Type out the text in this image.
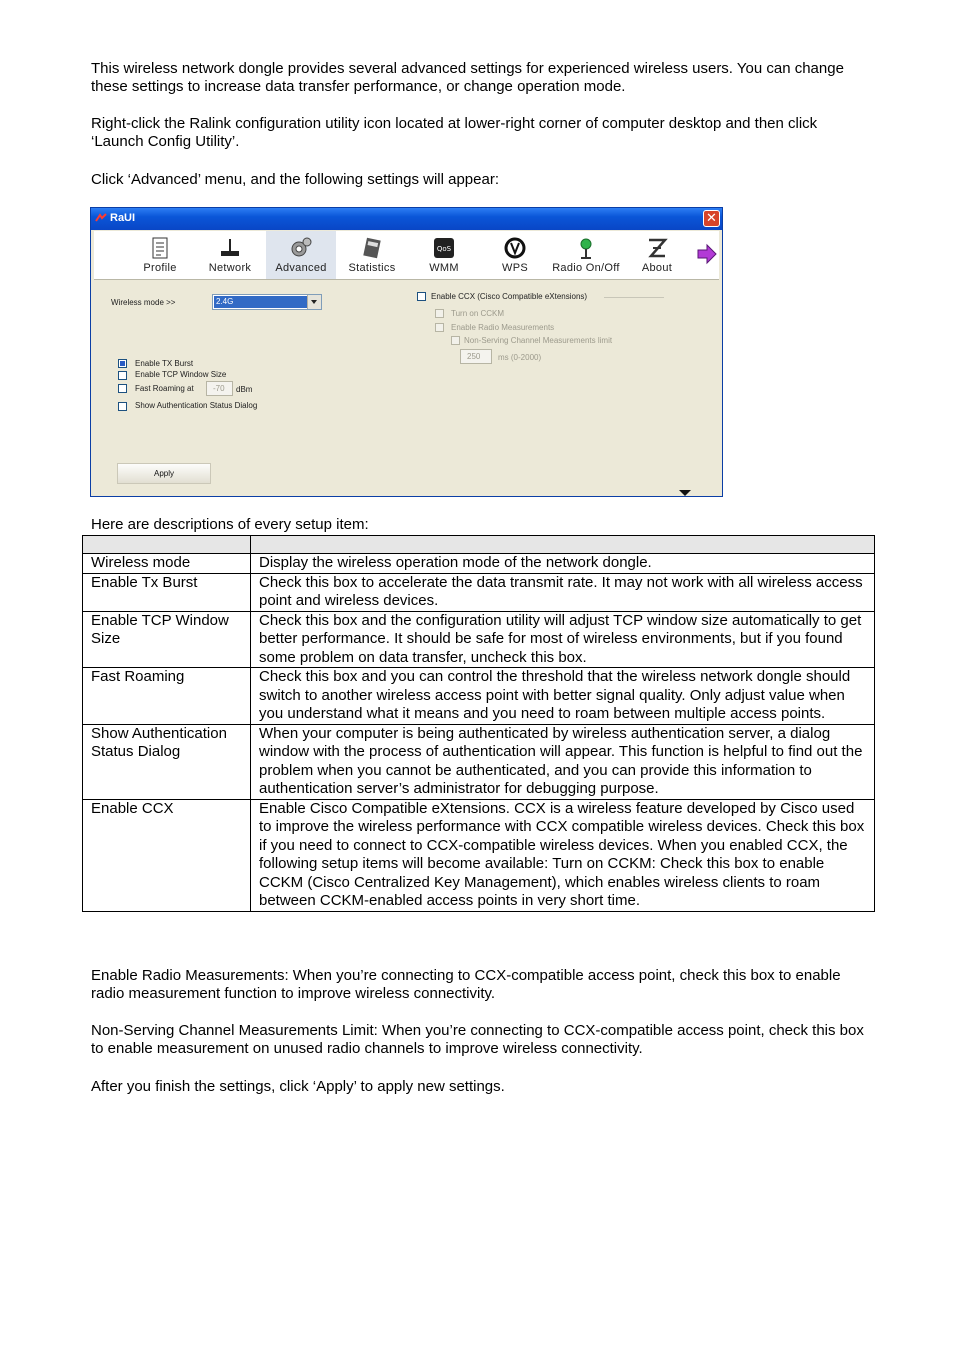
This wireless network dongle provides several advanced settings for experienced wireless users. You can change these settings to increase data transfer performance, or change operation mode.

Right-click the Ralink configuration utility icon located at lower-right corner of computer desktop and then click ‘Launch Config Utility’.

Click ‘Advanced’ menu, and the following settings will appear:

RaUI	✕
Profile	Network	Advanced	Statistics
QoS
WMM	WPS	Radio On/Off	About
Wireless mode >>	2.4G
Enable TX Burst
Enable TCP Window Size
Fast Roaming at	-70	dBm
Show Authentication Status Dialog
Enable CCX (Cisco Compatible eXtensions)
Turn on CCKM
Enable Radio Measurements
Non-Serving Channel Measurements limit
250	ms (0-2000)
Apply

Here are descriptions of every setup item:

Wireless mode	Display the wireless operation mode of the network dongle.
Enable Tx Burst	Check this box to accelerate the data transmit rate. It may not work with all wireless access point and wireless devices.
Enable TCP Window Size	Check this box and the configuration utility will adjust TCP window size automatically to get better performance. It should be safe for most of wireless environments, but if you found some problem on data transfer, uncheck this box.
Fast Roaming	Check this box and you can control the threshold that the wireless network dongle should switch to another wireless access point with better signal quality. Only adjust value when you understand what it means and you need to roam between multiple access points.
Show Authentication Status Dialog	When your computer is being authenticated by wireless authentication server, a dialog window with the process of authentication will appear. This function is helpful to find out the problem when you cannot be authenticated, and you can provide this information to authentication server’s administrator for debugging purpose.
Enable CCX	Enable Cisco Compatible eXtensions. CCX is a wireless feature developed by Cisco used to improve the wireless performance with CCX compatible wireless devices. Check this box if you need to connect to CCX-compatible wireless devices. When you enabled CCX, the following setup items will become available: Turn on CCKM: Check this box to enable CCKM (Cisco Centralized Key Management), which enables wireless clients to roam between CCKM-enabled access points in very short time.

Enable Radio Measurements: When you’re connecting to CCX-compatible access point, check this box to enable radio measurement function to improve wireless connectivity.

Non-Serving Channel Measurements Limit: When you’re connecting to CCX-compatible access point, check this box to enable measurement on unused radio channels to improve wireless connectivity.

After you finish the settings, click ‘Apply’ to apply new settings.
